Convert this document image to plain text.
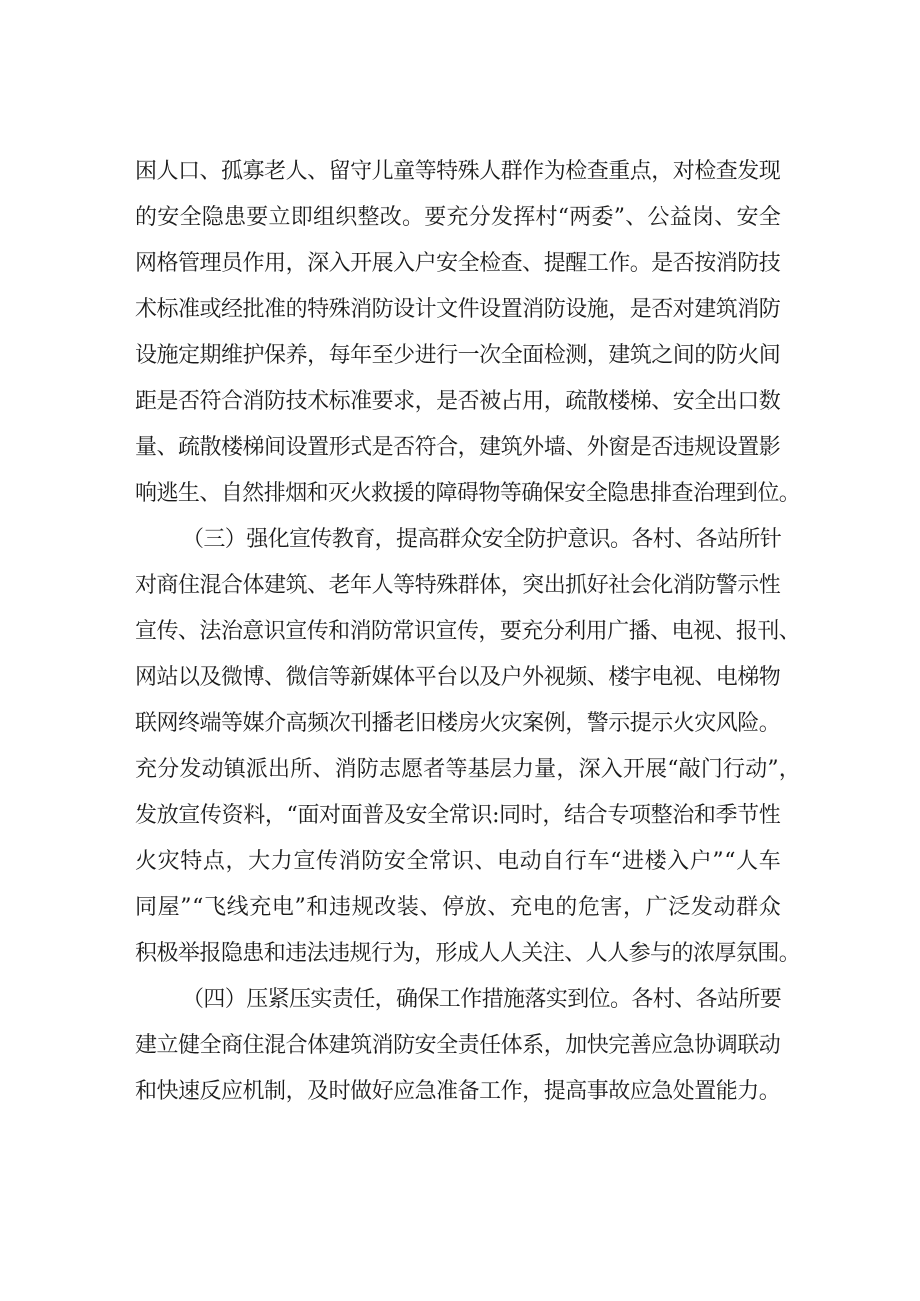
困人口、孤寡老人、留守儿童等特殊人群作为检查重点，对检查发现
的安全隐患要立即组织整改。要充分发挥村“两委”、公益岗、安全
网格管理员作用，深入开展入户安全检查、提醒工作。是否按消防技
术标准或经批准的特殊消防设计文件设置消防设施，是否对建筑消防
设施定期维护保养，每年至少进行一次全面检测，建筑之间的防火间
距是否符合消防技术标准要求，是否被占用，疏散楼梯、安全出口数
量、疏散楼梯间设置形式是否符合，建筑外墙、外窗是否违规设置影
响逃生、自然排烟和灭火救援的障碍物等确保安全隐患排查治理到位。
（三）强化宣传教育，提高群众安全防护意识。各村、各站所针
对商住混合体建筑、老年人等特殊群体，突出抓好社会化消防警示性
宣传、法治意识宣传和消防常识宣传，要充分利用广播、电视、报刊、
网站以及微博、微信等新媒体平台以及户外视频、楼宇电视、电梯物
联网终端等媒介高频次刊播老旧楼房火灾案例，警示提示火灾风险。
充分发动镇派出所、消防志愿者等基层力量，深入开展“敲门行动”，
发放宣传资料，“面对面普及安全常识:同时，结合专项整治和季节性
火灾特点，大力宣传消防安全常识、电动自行车“进楼入户”“人车
同屋”“飞线充电”和违规改装、停放、充电的危害，广泛发动群众
积极举报隐患和违法违规行为，形成人人关注、人人参与的浓厚氛围。
（四）压紧压实责任，确保工作措施落实到位。各村、各站所要
建立健全商住混合体建筑消防安全责任体系，加快完善应急协调联动
和快速反应机制，及时做好应急准备工作，提高事故应急处置能力。
